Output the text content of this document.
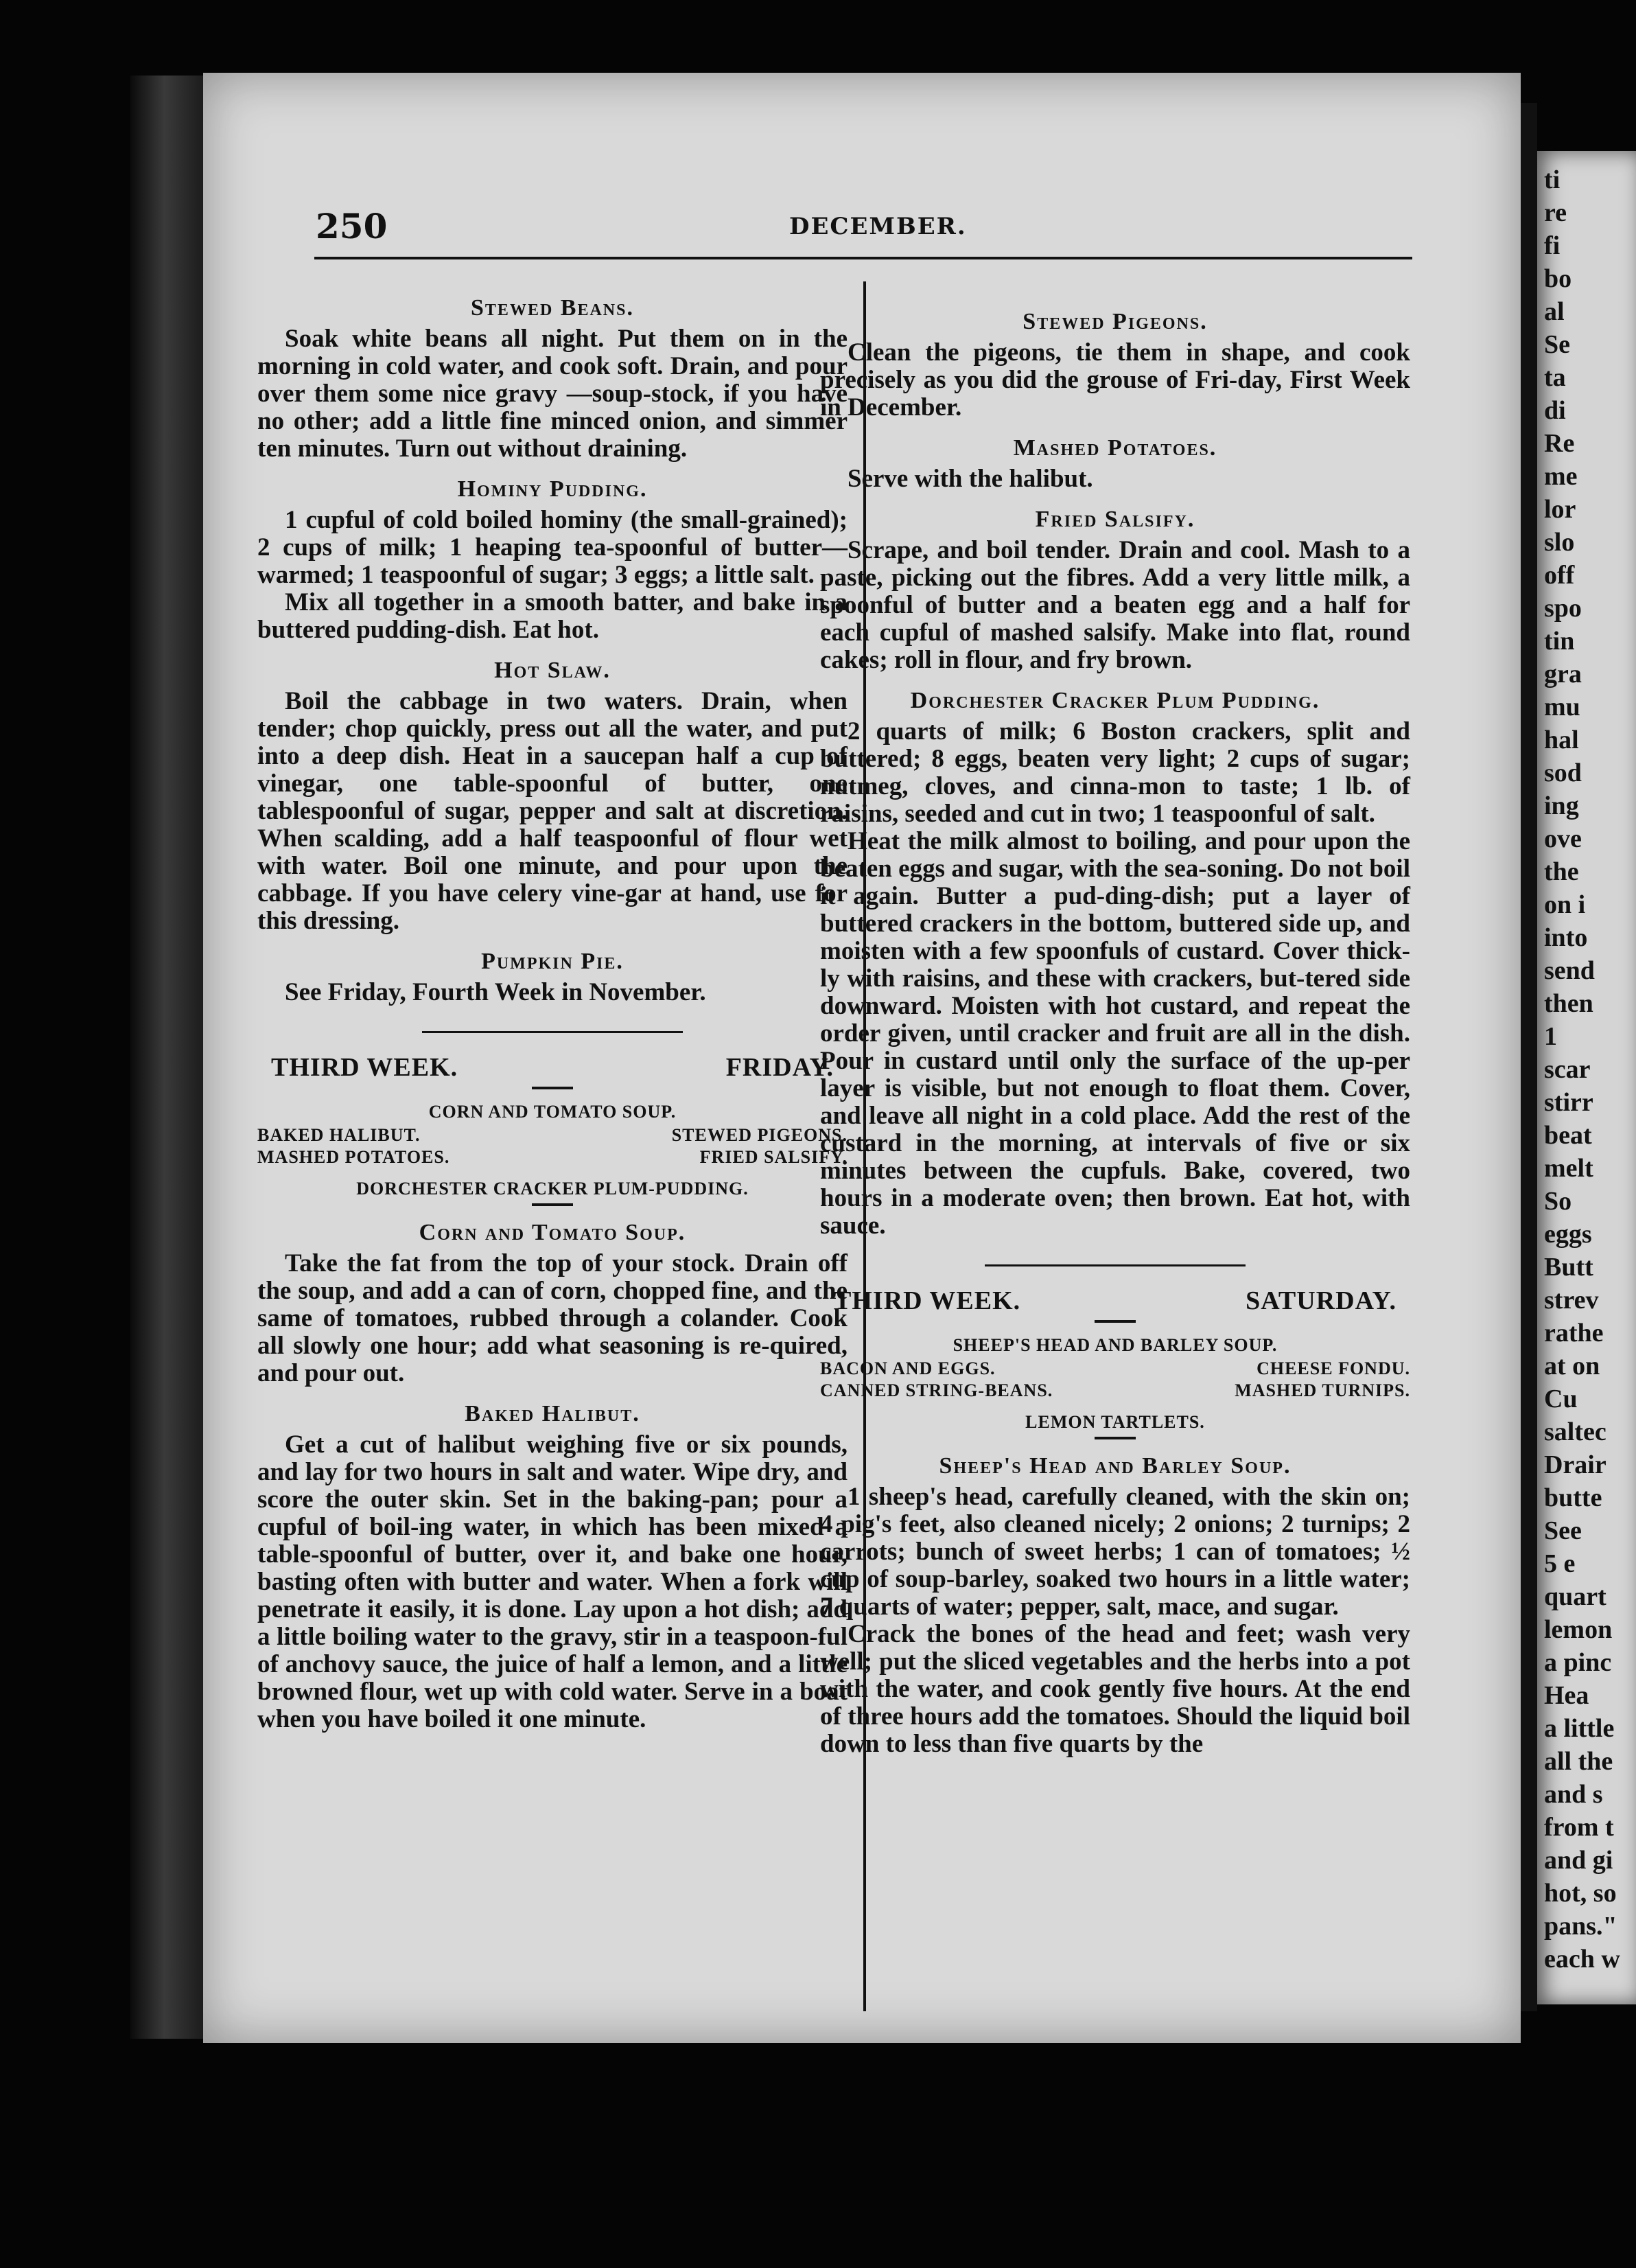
ti
re
fi
bo
al
Se
ta
di
Re
me
lor
slo
off
spo
tin
gra
mu
hal
sod
ing
ove
the
on i
into
send
then
1
scar
stirr
beat
melt
So
eggs
Butt
strev
rathe
at on
Cu
saltec
Drair
butte
See
5 e
quart
lemon
a pinc
Hea
a little
all the
and s
from t
and gi
hot, so
pans."
each w
250	DECEMBER.
Stewed Beans.

Soak white beans all night. Put them on in the morning in cold water, and cook soft. Drain, and pour over them some nice gravy —soup-stock, if you have no other; add a little fine minced onion, and simmer ten minutes. Turn out without draining.

Hominy Pudding.

1 cupful of cold boiled hominy (the small-grained); 2 cups of milk; 1 heaping tea-spoonful of butter—warmed; 1 teaspoonful of sugar; 3 eggs; a little salt.

Mix all together in a smooth batter, and bake in a buttered pudding-dish. Eat hot.

Hot Slaw.

Boil the cabbage in two waters. Drain, when tender; chop quickly, press out all the water, and put into a deep dish. Heat in a saucepan half a cup of vinegar, one table-spoonful of butter, one tablespoonful of sugar, pepper and salt at discretion. When scalding, add a half teaspoonful of flour wet with water. Boil one minute, and pour upon the cabbage. If you have celery vine-gar at hand, use for this dressing.

Pumpkin Pie.

See Friday, Fourth Week in November.

THIRD WEEK.	FRIDAY.
CORN AND TOMATO SOUP.
BAKED HALIBUT.	STEWED PIGEONS.
MASHED POTATOES.	FRIED SALSIFY.
DORCHESTER CRACKER PLUM-PUDDING.
Corn and Tomato Soup.

Take the fat from the top of your stock. Drain off the soup, and add a can of corn, chopped fine, and the same of tomatoes, rubbed through a colander. Cook all slowly one hour; add what seasoning is re-quired, and pour out.

Baked Halibut.

Get a cut of halibut weighing five or six pounds, and lay for two hours in salt and water. Wipe dry, and score the outer skin. Set in the baking-pan; pour a cupful of boil-ing water, in which has been mixed a table-spoonful of butter, over it, and bake one hour, basting often with butter and water. When a fork will penetrate it easily, it is done. Lay upon a hot dish; add a little boiling water to the gravy, stir in a teaspoon-ful of anchovy sauce, the juice of half a lemon, and a little browned flour, wet up with cold water. Serve in a boat when you have boiled it one minute.

Stewed Pigeons.

Clean the pigeons, tie them in shape, and cook precisely as you did the grouse of Fri-day, First Week in December.

Mashed Potatoes.

Serve with the halibut.

Fried Salsify.

Scrape, and boil tender. Drain and cool. Mash to a paste, picking out the fibres. Add a very little milk, a spoonful of butter and a beaten egg and a half for each cupful of mashed salsify. Make into flat, round cakes; roll in flour, and fry brown.

Dorchester Cracker Plum Pudding.

2 quarts of milk; 6 Boston crackers, split and buttered; 8 eggs, beaten very light; 2 cups of sugar; nutmeg, cloves, and cinna-mon to taste; 1 lb. of raisins, seeded and cut in two; 1 teaspoonful of salt.

Heat the milk almost to boiling, and pour upon the beaten eggs and sugar, with the sea-soning. Do not boil it again. Butter a pud-ding-dish; put a layer of buttered crackers in the bottom, buttered side up, and moisten with a few spoonfuls of custard. Cover thick-ly with raisins, and these with crackers, but-tered side downward. Moisten with hot custard, and repeat the order given, until cracker and fruit are all in the dish. Pour in custard until only the surface of the up-per layer is visible, but not enough to float them. Cover, and leave all night in a cold place. Add the rest of the custard in the morning, at intervals of five or six minutes between the cupfuls. Bake, covered, two hours in a moderate oven; then brown. Eat hot, with sauce.

THIRD WEEK.	SATURDAY.
SHEEP'S HEAD AND BARLEY SOUP.
BACON AND EGGS.	CHEESE FONDU.
CANNED STRING-BEANS.	MASHED TURNIPS.
LEMON TARTLETS.
Sheep's Head and Barley Soup.

1 sheep's head, carefully cleaned, with the skin on; 4 pig's feet, also cleaned nicely; 2 onions; 2 turnips; 2 carrots; bunch of sweet herbs; 1 can of tomatoes; ½ cup of soup-barley, soaked two hours in a little water; 7 quarts of water; pepper, salt, mace, and sugar.

Crack the bones of the head and feet; wash very well; put the sliced vegetables and the herbs into a pot with the water, and cook gently five hours. At the end of three hours add the tomatoes. Should the liquid boil down to less than five quarts by the
